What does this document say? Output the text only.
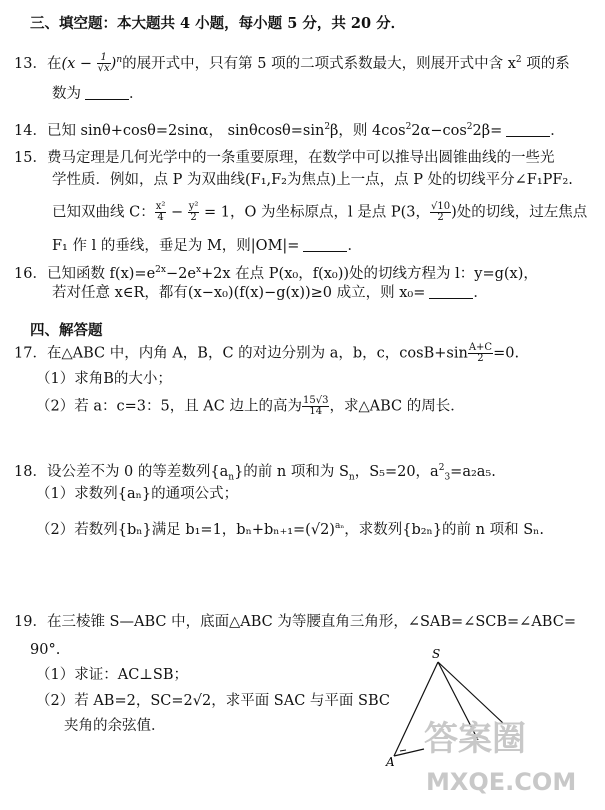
三、填空题：本大题共 4 小题，每小题 5 分，共 20 分．
13．在$(x - \frac{1}{√x} )^n$的展开式中，只有第 5 项的二项式系数最大，则展开式中含 $x^2$ 项的系
数为	．
14．已知 sinθ+cosθ=2sinα， $\sin\theta\cos\theta=\sin^2\beta$，则 $4\cos^22\alpha-\cos^22\beta=$	．
15．费马定理是几何光学中的一条重要原理，在数学中可以推导出圆锥曲线的一些光
学性质．例如，点 P 为双曲线(F₁,F₂为焦点)上一点，点 P 处的切线平分∠F₁PF₂.
已知双曲线 C： $\frac{\text{x²}}{4} - \frac{\text{y²}}{2} = 1$，O 为坐标原点，l 是点 P(3， $\frac{√10}{2}$ )处的切线，过左焦点
F₁ 作 l 的垂线，垂足为 M，则|OM|=	．
16．已知函数 $f(x)=e^{2x}-2e^x+2x$ 在点 P(x₀，f(x₀))处的切线方程为 l：y=g(x)，
若对任意 x∈R，都有(x−x₀)(f(x)−g(x))≥0 成立，则 x₀=	．
四、解答题
17．在△ABC 中，内角 A，B，C 的对边分别为 a，b，c，$\cos B+\sin \frac{A+C}{2} =0$.
（1）求角B的大小；
（2）若 a：c=3：5，且 AC 边上的高为 $\frac{15√3}{14}$ ，求△ABC 的周长．
18．设公差不为 0 的等差数列$\{a_n\}$的前 n 项和为 $S_n$，S₅=20，$a^2_3=a_2a_5$.
（1）求数列{aₙ}的通项公式；
（2）若数列{bₙ}满足 b₁=1，$b_n+b_{n+1}=(√2)^{a_n}$，求数列{b₂ₙ}的前 n 项和 Sₙ.
19．在三棱锥 S—ABC 中，底面△ABC 为等腰直角三角形，∠SAB=∠SCB=∠ABC=
90°.
（1）求证：AC⊥SB；
（2）若 AB=2，SC=2√2，求平面 SAC 与平面 SBC
夹角的余弦值．
S
A
答案圈
MXQE.COM
